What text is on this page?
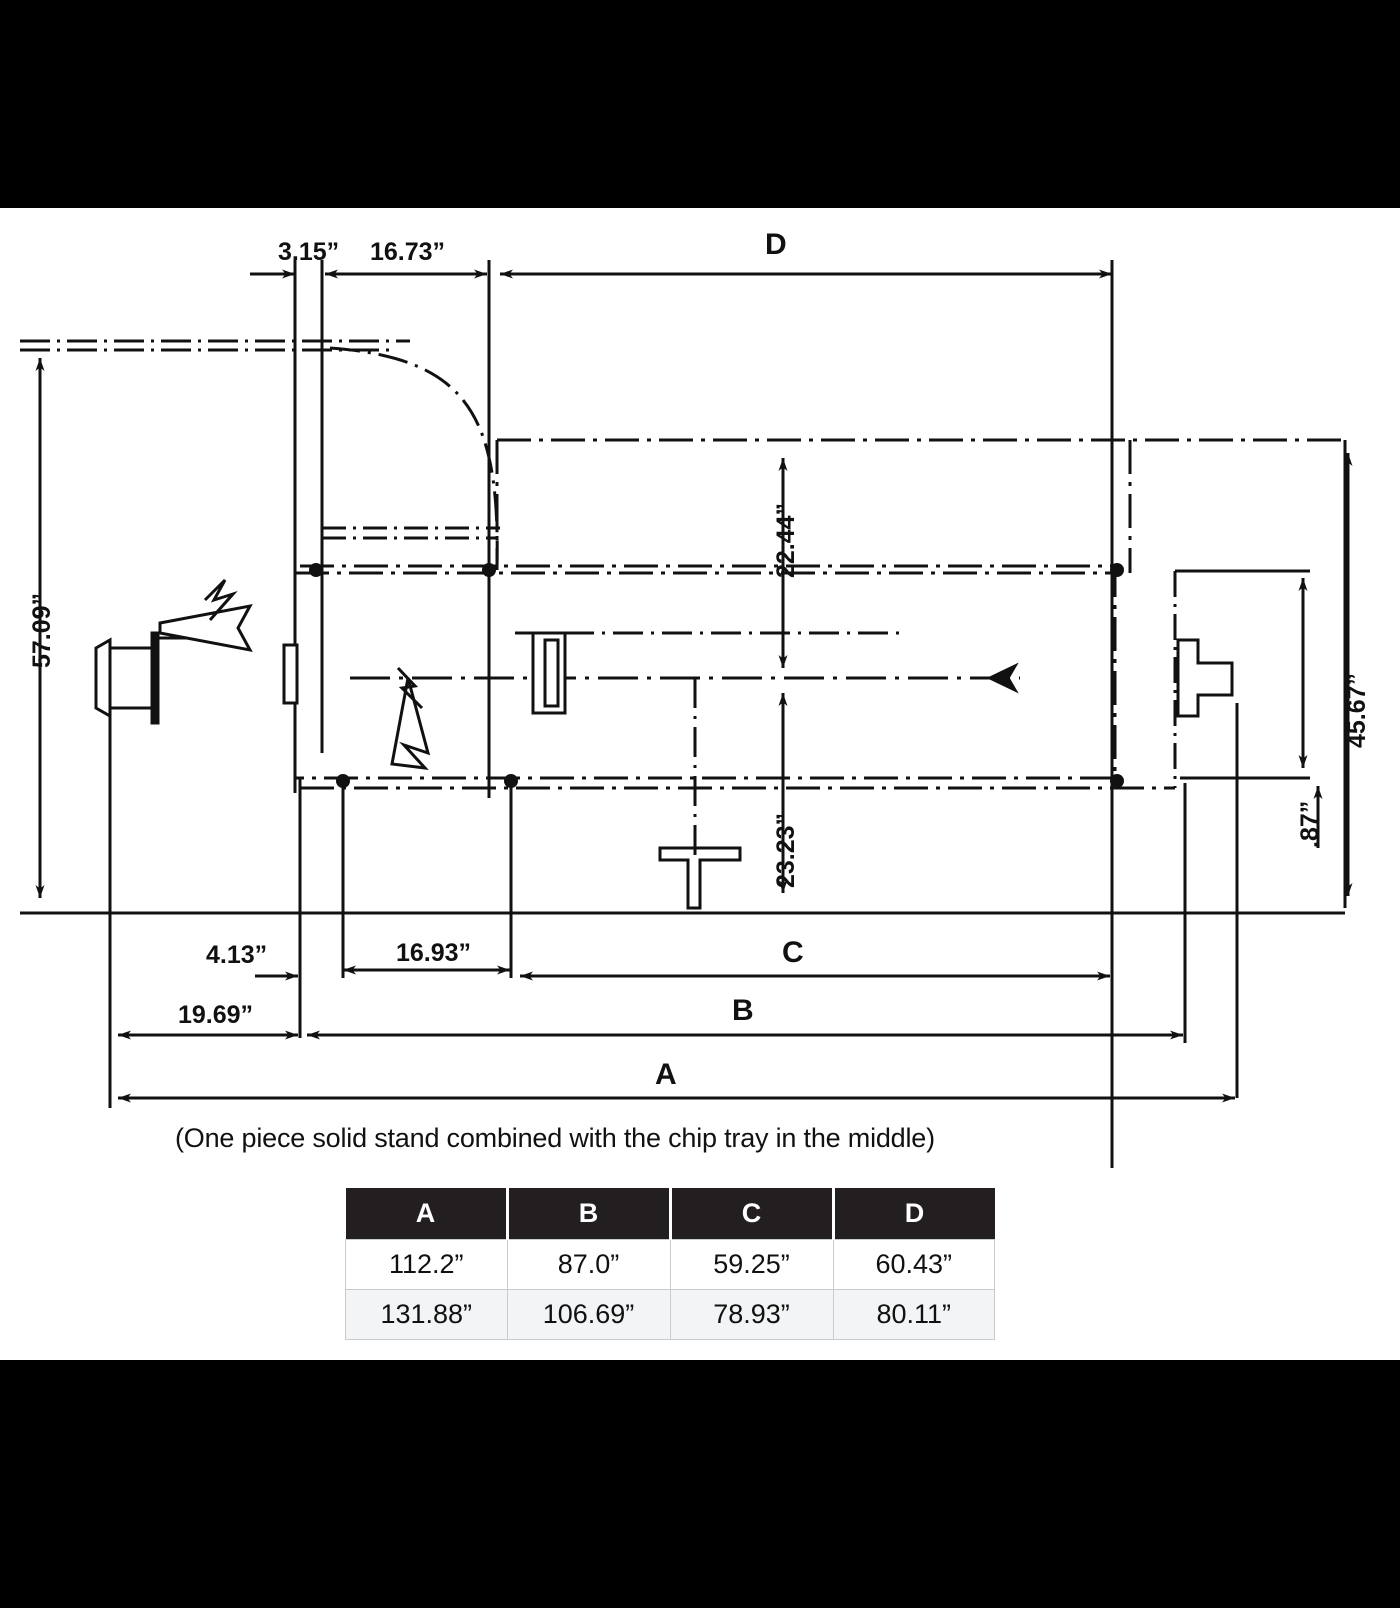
3.15” 16.73”	D
57.09”
22.44”
23.23”
45.67”
.87”
4.13”	16.93”	C
19.69”	B
A
(One piece solid stand combined with the chip tray in the middle)
A	B	C	D
112.2”	87.0”	59.25”	60.43”
131.88”	106.69”	78.93”	80.11”
